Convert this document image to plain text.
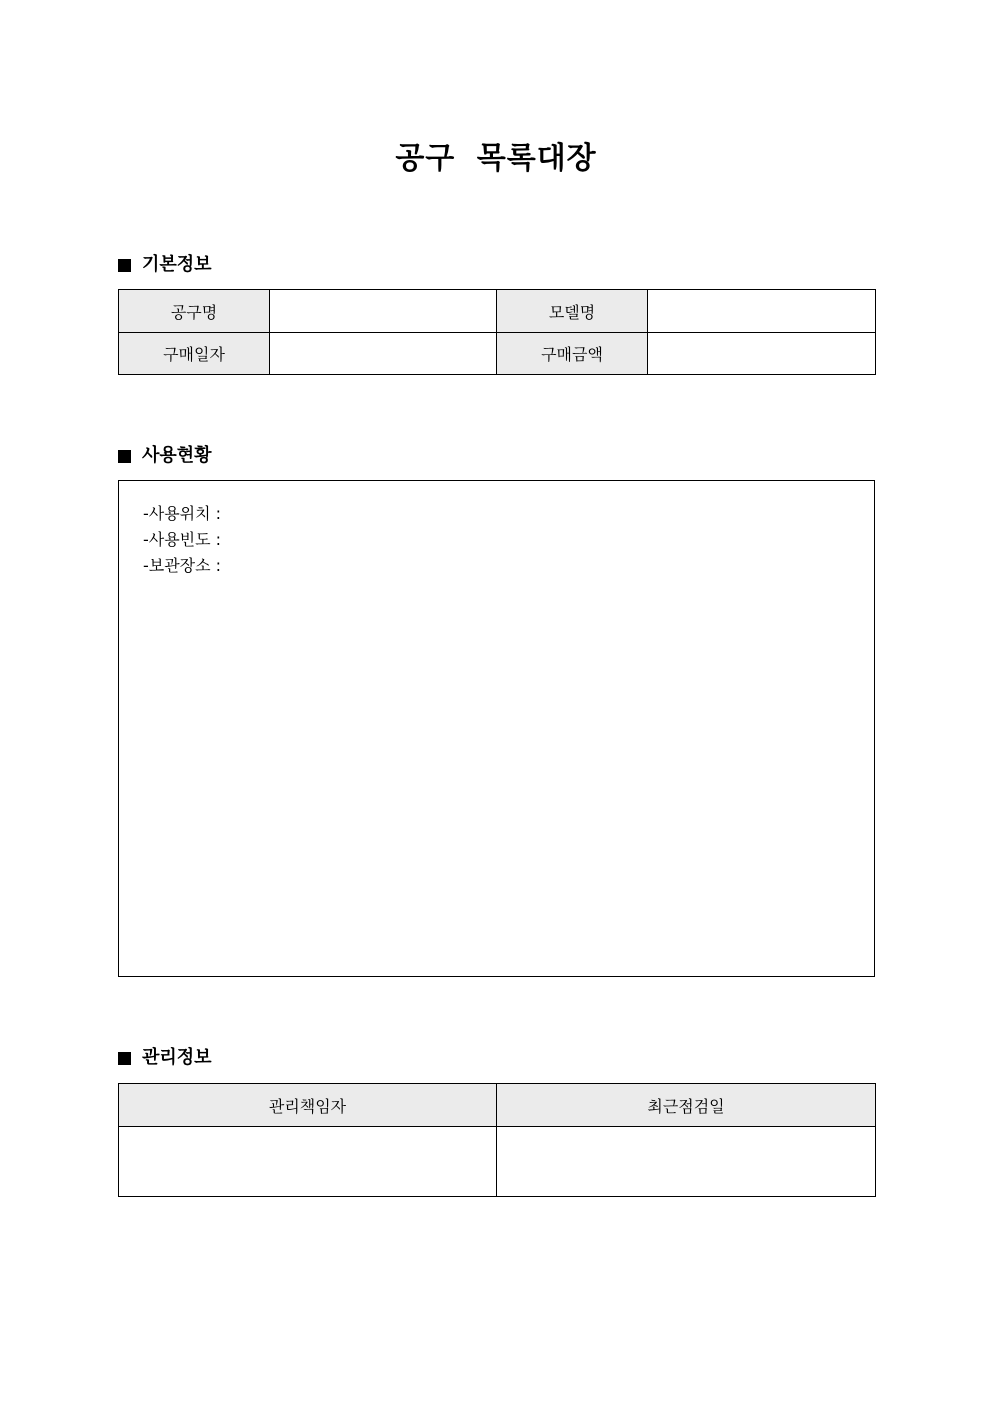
공구 목록대장
기본정보
공구명		모델명	
구매일자		구매금액	
사용현황
-사용위치 :
-사용빈도 :
-보관장소 :
관리정보
관리책임자	최근점검일
